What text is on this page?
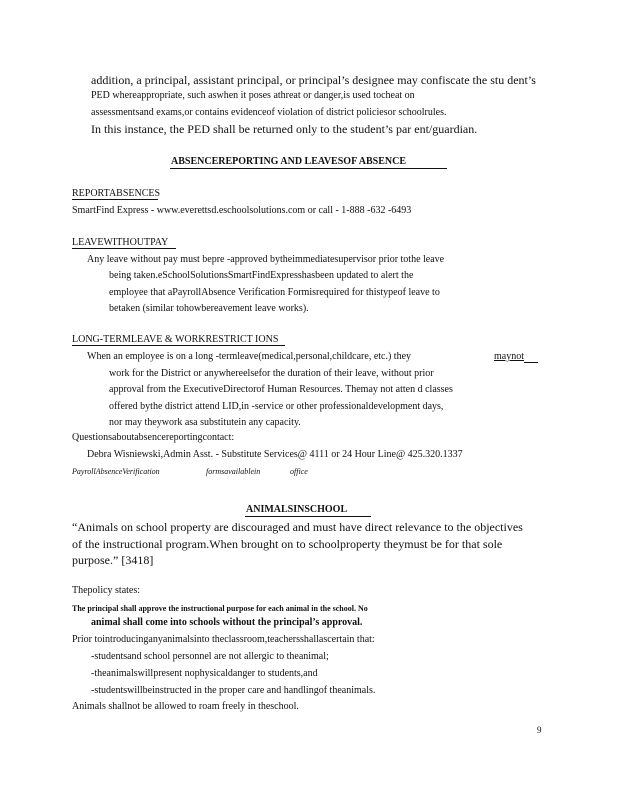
addition, a principal, assistant principal, or principal’s designee may confiscate the stu dent’s
PED whereappropriate, such aswhen it poses athreat or danger,is used tocheat on
assessmentsand exams,or contains evidenceof violation of district policiesor schoolrules.
In this instance, the PED shall be returned only to the student’s par ent/guardian.
ABSENCEREPORTING AND LEAVESOF ABSENCE
REPORTABSENCES
SmartFind Express - www.everettsd.eschoolsolutions.com or call - 1-888 -632 -6493
LEAVEWITHOUTPAY
Any leave without pay must bepre -approved bytheimmediatesupervisor prior tothe leave
being taken.eSchoolSolutionsSmartFindExpresshasbeen updated to alert the
employee that aPayrollAbsence Verification Formisrequired for thistypeof leave to
betaken (similar tohowbereavement leave works).
LONG-TERMLEAVE & WORKRESTRICT IONS
When an employee is on a long -termleave(medical,personal,childcare, etc.) they	maynot
work for the District or anywhereelsefor the duration of their leave, without prior
approval from the ExecutiveDirectorof Human Resources. Themay not atten d classes
offered bythe district attend LID,in -service or other professionaldevelopment days,
nor may theywork asa substitutein any capacity.
Questionsaboutabsencereportingcontact:
Debra Wisniewski,Admin Asst. - Substitute Services@ 4111 or 24 Hour Line@ 425.320.1337
PayrollAbsenceVerification	formsavailablein	office
ANIMALSINSCHOOL
“Animals on school property are discouraged and must have direct relevance to the objectives
of the instructional program.When brought on to schoolproperty theymust be for that sole
purpose.” [3418]
Thepolicy states:
The principal shall approve the instructional purpose for each animal in the school. No
animal shall come into schools without the principal’s approval.
Prior tointroducinganyanimalsinto theclassroom,teachersshallascertain that:
-studentsand school personnel are not allergic to theanimal;
-theanimalswillpresent nophysicaldanger to students,and
-studentswillbeinstructed in the proper care and handlingof theanimals.
Animals shallnot be allowed to roam freely in theschool.
9
